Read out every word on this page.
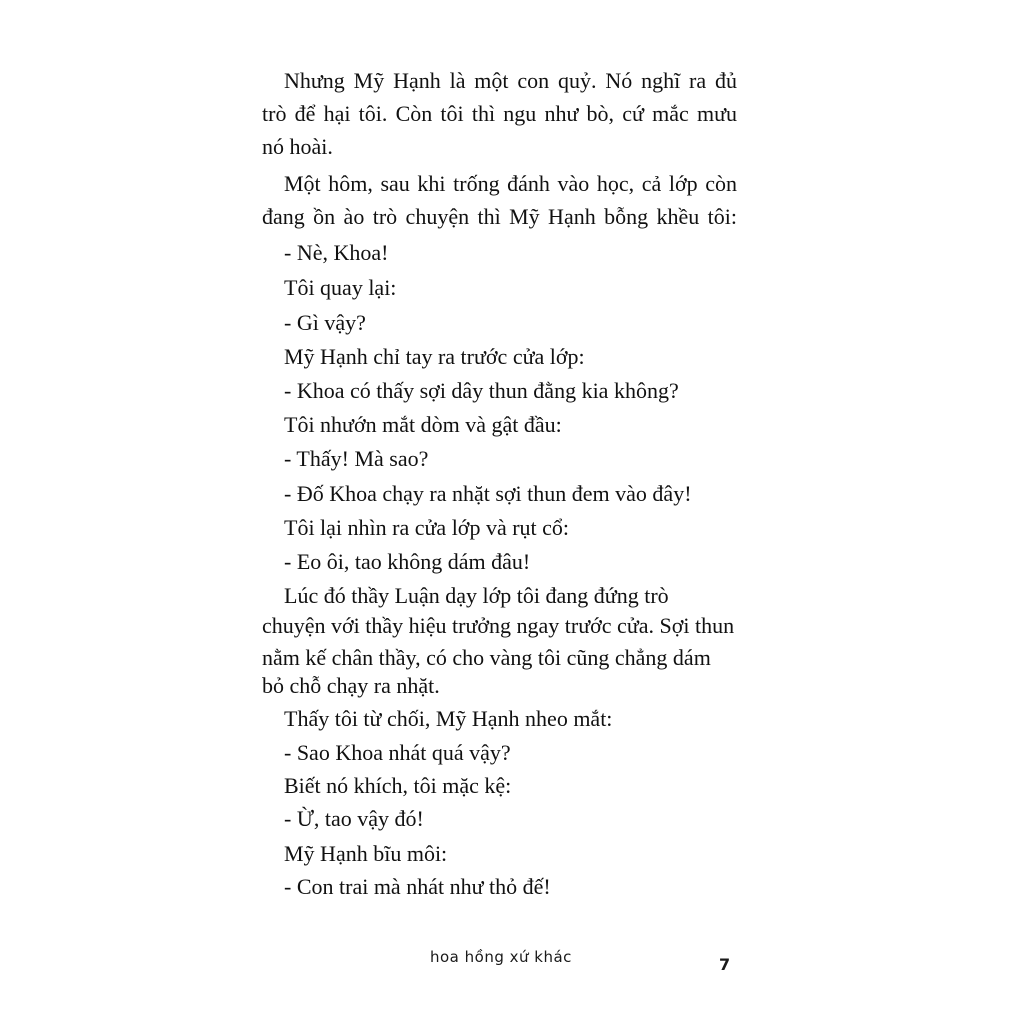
Nhưng Mỹ Hạnh là một con quỷ. Nó nghĩ ra đủ
trò để hại tôi. Còn tôi thì ngu như bò, cứ mắc mưu
nó hoài.
Một hôm, sau khi trống đánh vào học, cả lớp còn
đang ồn ào trò chuyện thì Mỹ Hạnh bỗng khều tôi:
- Nè, Khoa!
Tôi quay lại:
- Gì vậy?
Mỹ Hạnh chỉ tay ra trước cửa lớp:
- Khoa có thấy sợi dây thun đằng kia không?
Tôi nhướn mắt dòm và gật đầu:
- Thấy! Mà sao?
- Đố Khoa chạy ra nhặt sợi thun đem vào đây!
Tôi lại nhìn ra cửa lớp và rụt cổ:
- Eo ôi, tao không dám đâu!
Lúc đó thầy Luận dạy lớp tôi đang đứng trò
chuyện với thầy hiệu trưởng ngay trước cửa. Sợi thun
nằm kế chân thầy, có cho vàng tôi cũng chẳng dám
bỏ chỗ chạy ra nhặt.
Thấy tôi từ chối, Mỹ Hạnh nheo mắt:
- Sao Khoa nhát quá vậy?
Biết nó khích, tôi mặc kệ:
- Ừ, tao vậy đó!
Mỹ Hạnh bĩu môi:
- Con trai mà nhát như thỏ đế!
hoa hồng xứ khác	7
